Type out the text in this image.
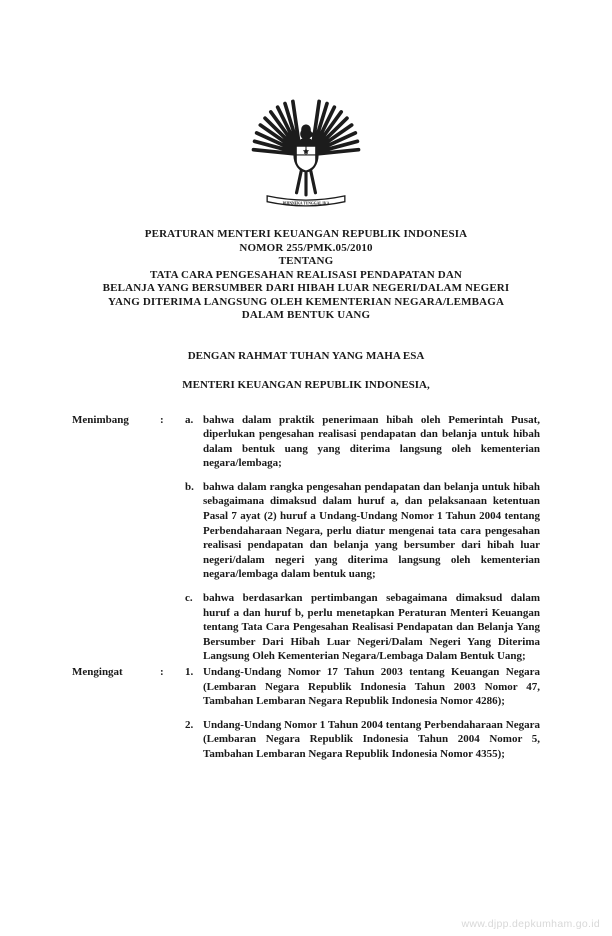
BHINNEKA TUNGGAL IKA
PERATURAN MENTERI KEUANGAN REPUBLIK INDONESIA
NOMOR 255/PMK.05/2010
TENTANG
TATA CARA PENGESAHAN REALISASI PENDAPATAN DAN
BELANJA YANG BERSUMBER DARI HIBAH LUAR NEGERI/DALAM NEGERI
YANG DITERIMA LANGSUNG OLEH KEMENTERIAN NEGARA/LEMBAGA
DALAM BENTUK UANG
DENGAN RAHMAT TUHAN YANG MAHA ESA
MENTERI KEUANGAN REPUBLIK INDONESIA,
Menimbang	:	a. bahwa dalam praktik penerimaan hibah oleh Pemerintah Pusat, diperlukan pengesahan realisasi pendapatan dan belanja untuk hibah dalam bentuk uang yang diterima langsung oleh kementerian negara/lembaga;
b. bahwa dalam rangka pengesahan pendapatan dan belanja untuk hibah sebagaimana dimaksud dalam huruf a, dan pelaksanaan ketentuan Pasal 7 ayat (2) huruf a Undang-Undang Nomor 1 Tahun 2004 tentang Perbendaharaan Negara, perlu diatur mengenai tata cara pengesahan realisasi pendapatan dan belanja yang bersumber dari hibah luar negeri/dalam negeri yang diterima langsung oleh kementerian negara/lembaga dalam bentuk uang;
c. bahwa berdasarkan pertimbangan sebagaimana dimaksud dalam huruf a dan huruf b, perlu menetapkan Peraturan Menteri Keuangan tentang Tata Cara Pengesahan Realisasi Pendapatan dan Belanja Yang Bersumber Dari Hibah Luar Negeri/Dalam Negeri Yang Diterima Langsung Oleh Kementerian Negara/Lembaga Dalam Bentuk Uang;
Mengingat	:	1. Undang-Undang Nomor 17 Tahun 2003 tentang Keuangan Negara (Lembaran Negara Republik Indonesia Tahun 2003 Nomor 47, Tambahan Lembaran Negara Republik Indonesia Nomor 4286);
2. Undang-Undang Nomor 1 Tahun 2004 tentang Perbendaharaan Negara (Lembaran Negara Republik Indonesia Tahun 2004 Nomor 5, Tambahan Lembaran Negara Republik Indonesia Nomor 4355);
www.djpp.depkumham.go.id
